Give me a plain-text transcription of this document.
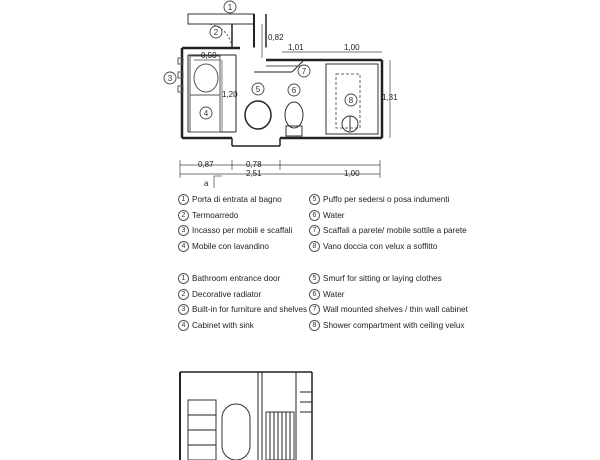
0,82
1,01	1,00
0,50
1,20	1,31
0,87	0,78
1,00
2,51
a
1
2
3
4
5	6
7
8
1 Porta di entrata al bagno
2 Termoarredo
3 Incasso per mobili e scaffali
4 Mobile con lavandino
5 Puffo per sedersi o posa indumenti
6 Water
7 Scaffali a parete/ mobile sottile a parete
8 Vano doccia con velux a soffitto
1 Bathroom entrance door
2 Decorative radiator
3 Built-in for furniture and shelves
4 Cabinet with sink
5 Smurf for sitting or laying clothes
6 Water
7 Wall mounted shelves / thin wall cabinet
8 Shower compartment with ceiling velux
